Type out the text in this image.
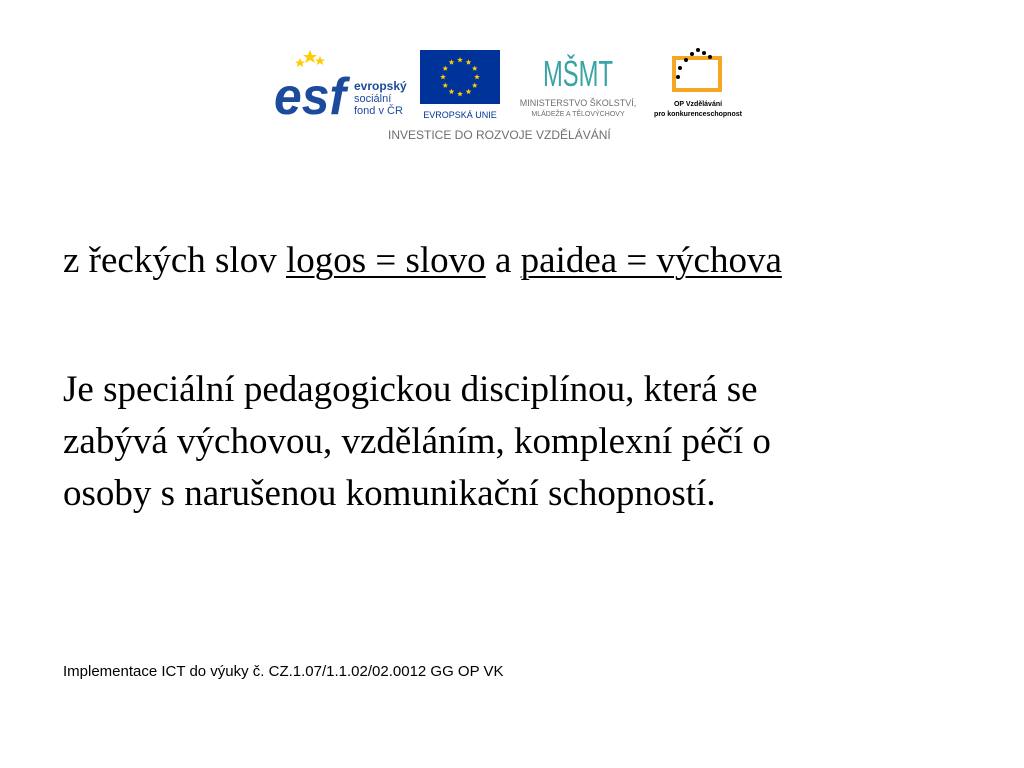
esf evropský
sociální
fond v ČR EVROPSKÁ UNIE
MŠMT
MINISTERSTVO ŠKOLSTVÍ,
MLÁDEŽE A TĚLOVÝCHOVY
OP Vzdělávání
pro konkurenceschopnost
INVESTICE DO ROZVOJE VZDĚLÁVÁNÍ
z řeckých slov logos = slovo a paidea = výchova
Je speciální pedagogickou disciplínou, která se
zabývá výchovou, vzděláním, komplexní péčí o
osoby s narušenou komunikační schopností.
Implementace ICT do výuky č. CZ.1.07/1.1.02/02.0012 GG OP VK
